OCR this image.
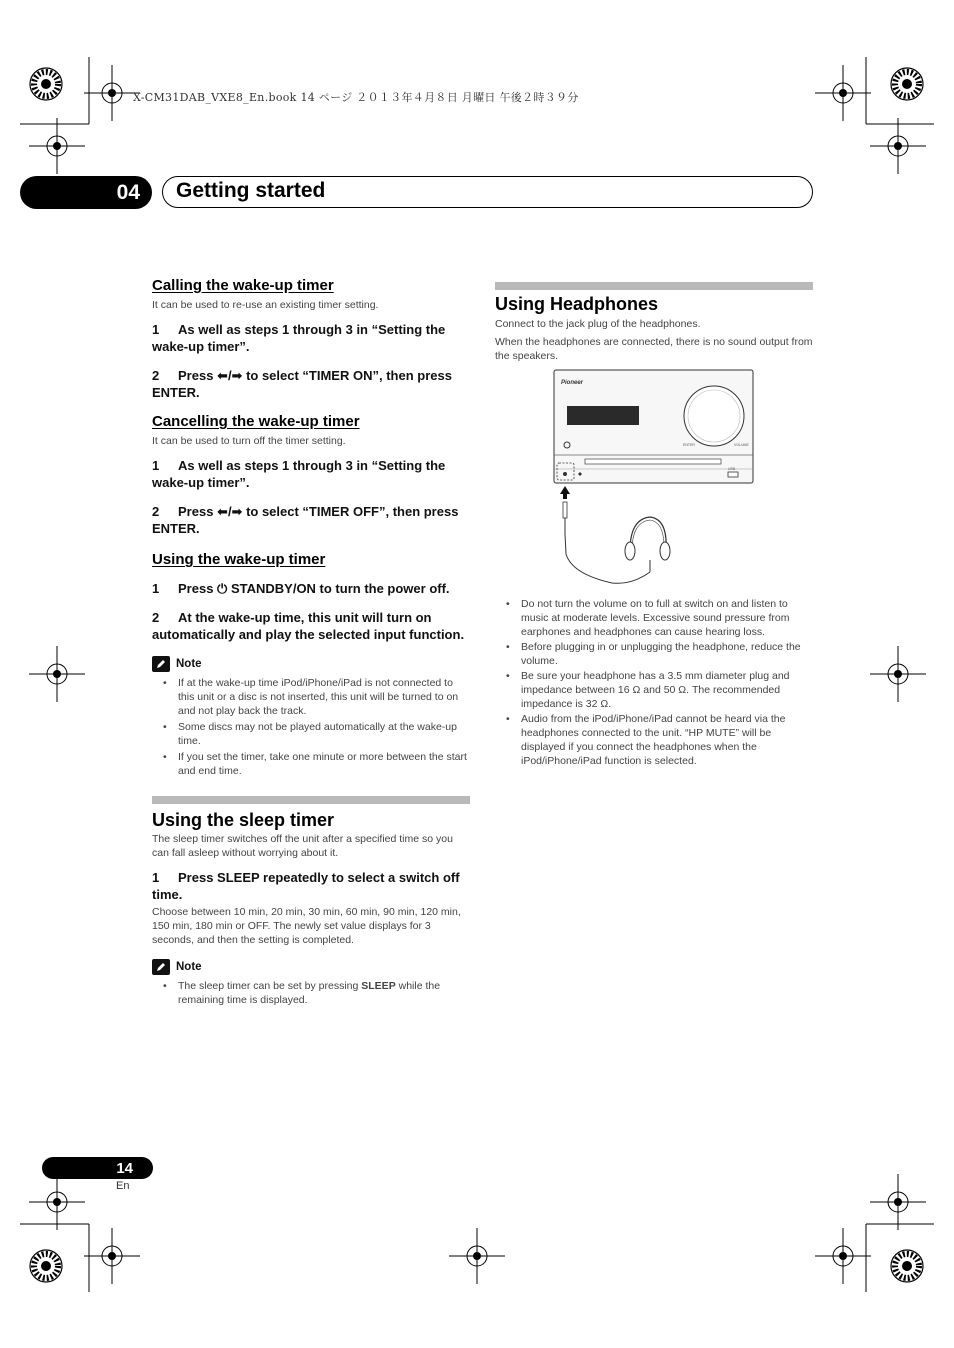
X-CM31DAB_VXE8_En.book 14 ページ ２０１３年４月８日 月曜日 午後２時３９分
04	Getting started

Calling the wake-up timer

It can be used to re-use an existing timer setting.

1 As well as steps 1 through 3 in “Setting the wake-up timer”.

2 Press ⬅/➡ to select “TIMER ON”, then press ENTER.

Cancelling the wake-up timer

It can be used to turn off the timer setting.

1 As well as steps 1 through 3 in “Setting the wake-up timer”.

2 Press ⬅/➡ to select “TIMER OFF”, then press ENTER.

Using the wake-up timer

1 Press ⏻ STANDBY/ON to turn the power off.

2 At the wake-up time, this unit will turn on automatically and play the selected input function.

Note
• If at the wake-up time iPod/iPhone/iPad is not connected to this unit or a disc is not inserted, this unit will be turned to on and not play back the track.
• Some discs may not be played automatically at the wake-up time.
• If you set the timer, take one minute or more between the start and end time.

Using the sleep timer

The sleep timer switches off the unit after a specified time so you can fall asleep without worrying about it.

1 Press SLEEP repeatedly to select a switch off time.

Choose between 10 min, 20 min, 30 min, 60 min, 90 min, 120 min, 150 min, 180 min or OFF. The newly set value displays for 3 seconds, and then the setting is completed.

Note
• The sleep timer can be set by pressing SLEEP while the remaining time is displayed.

Using Headphones

Connect to the jack plug of the headphones.

When the headphones are connected, there is no sound output from the speakers.

Pioneer
ENTER	VOLUME
USB
• Do not turn the volume on to full at switch on and listen to music at moderate levels. Excessive sound pressure from earphones and headphones can cause hearing loss.
• Before plugging in or unplugging the headphone, reduce the volume.
• Be sure your headphone has a 3.5 mm diameter plug and impedance between 16 Ω and 50 Ω. The recommended impedance is 32 Ω.
• Audio from the iPod/iPhone/iPad cannot be heard via the headphones connected to the unit. “HP MUTE” will be displayed if you connect the headphones when the iPod/iPhone/iPad function is selected.
14
En
